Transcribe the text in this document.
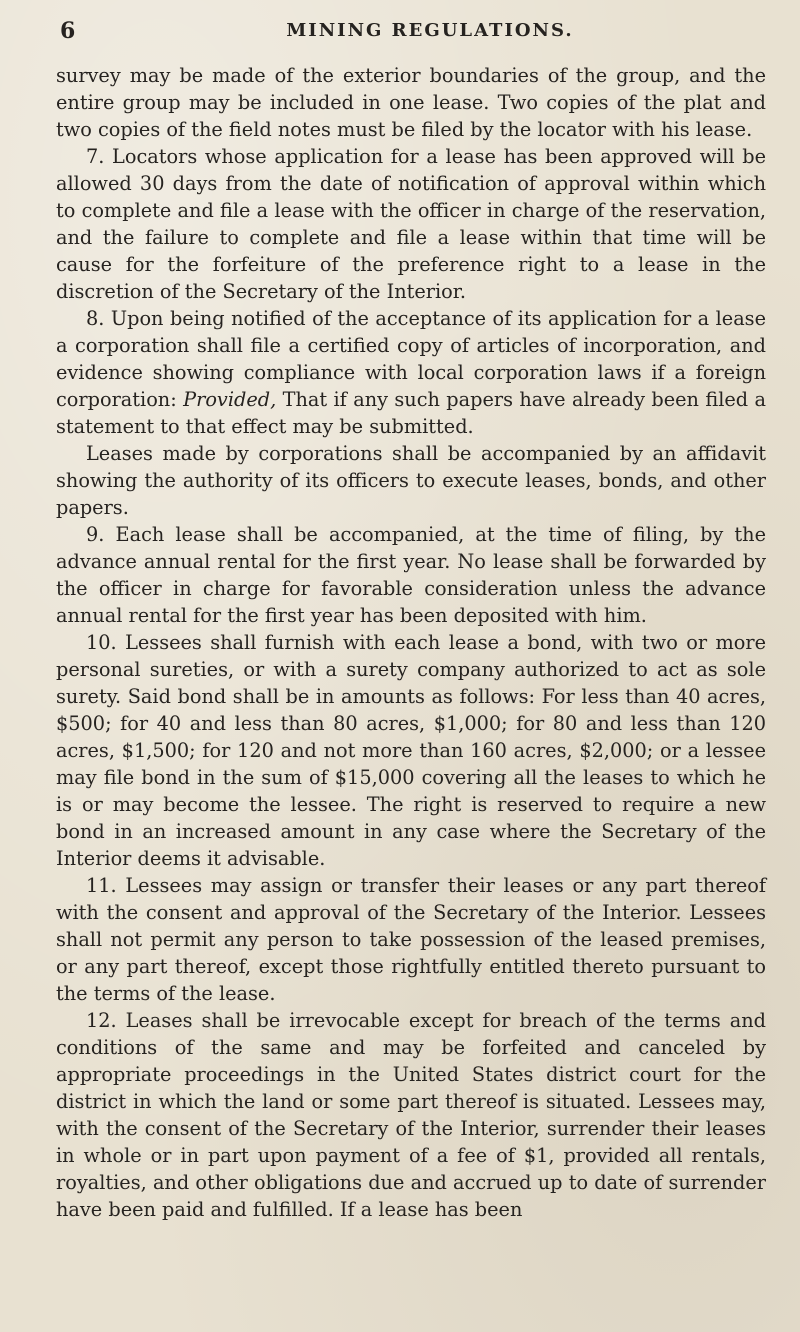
6	MINING REGULATIONS.

survey may be made of the exterior boundaries of the group, and the entire group may be included in one lease. Two copies of the plat and two copies of the field notes must be filed by the locator with his lease.

7. Locators whose application for a lease has been approved will be allowed 30 days from the date of notification of approval within which to complete and file a lease with the officer in charge of the reservation, and the failure to complete and file a lease within that time will be cause for the forfeiture of the preference right to a lease in the discretion of the Secretary of the Interior.

8. Upon being notified of the acceptance of its application for a lease a corporation shall file a certified copy of articles of incorporation, and evidence showing compliance with local corporation laws if a foreign corporation: Provided, That if any such papers have already been filed a statement to that effect may be submitted.

Leases made by corporations shall be accompanied by an affidavit showing the authority of its officers to execute leases, bonds, and other papers.

9. Each lease shall be accompanied, at the time of filing, by the advance annual rental for the first year. No lease shall be forwarded by the officer in charge for favorable consideration unless the advance annual rental for the first year has been deposited with him.

10. Lessees shall furnish with each lease a bond, with two or more personal sureties, or with a surety company authorized to act as sole surety. Said bond shall be in amounts as follows: For less than 40 acres, $500; for 40 and less than 80 acres, $1,000; for 80 and less than 120 acres, $1,500; for 120 and not more than 160 acres, $2,000; or a lessee may file bond in the sum of $15,000 covering all the leases to which he is or may become the lessee. The right is reserved to require a new bond in an increased amount in any case where the Secretary of the Interior deems it advisable.

11. Lessees may assign or transfer their leases or any part thereof with the consent and approval of the Secretary of the Interior. Lessees shall not permit any person to take possession of the leased premises, or any part thereof, except those rightfully entitled thereto pursuant to the terms of the lease.

12. Leases shall be irrevocable except for breach of the terms and conditions of the same and may be forfeited and canceled by appropriate proceedings in the United States district court for the district in which the land or some part thereof is situated. Lessees may, with the consent of the Secretary of the Interior, surrender their leases in whole or in part upon payment of a fee of $1, provided all rentals, royalties, and other obligations due and accrued up to date of surrender have been paid and fulfilled. If a lease has been
